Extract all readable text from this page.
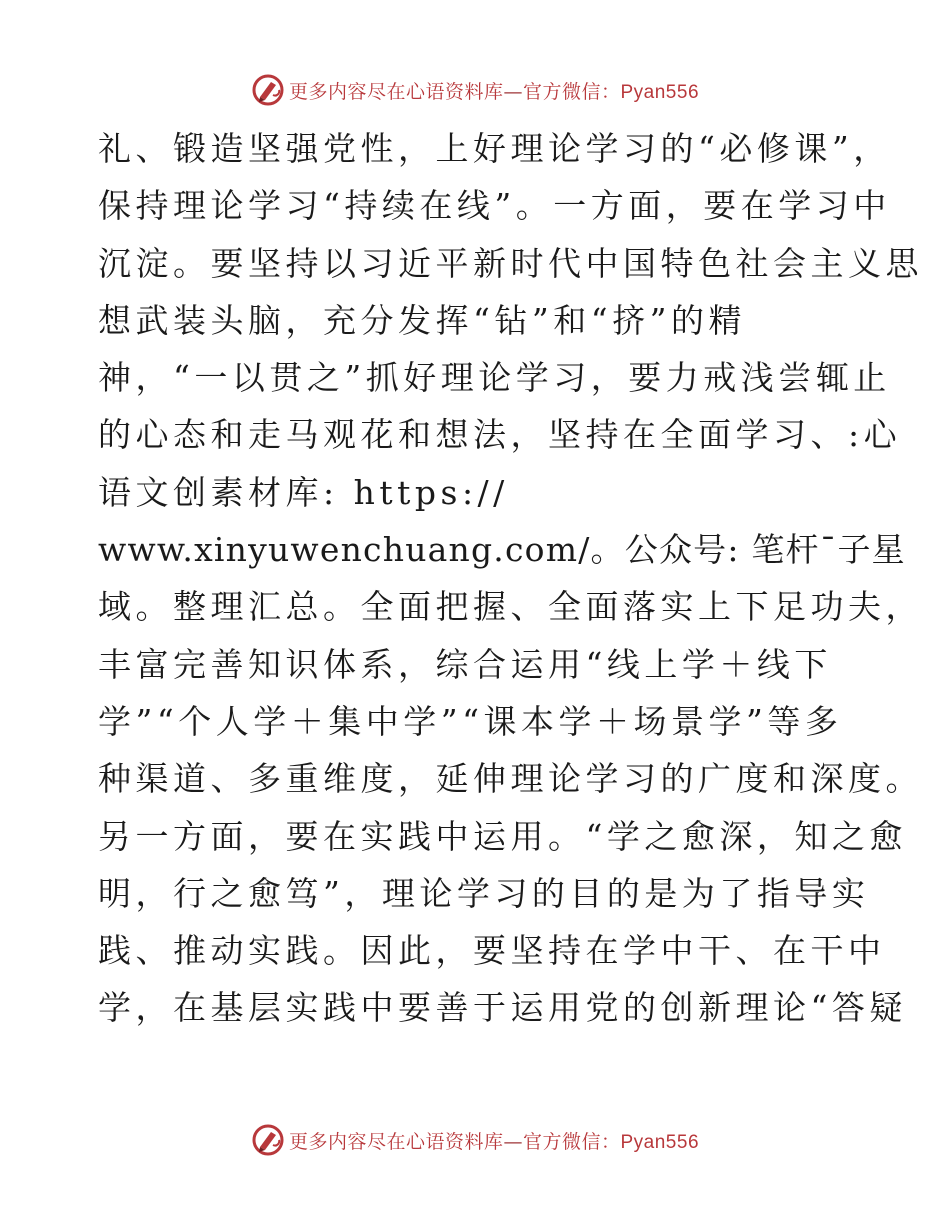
更多内容尽在心语资料库—官方微信：Pyan556
礼、锻造坚强党性，上好理论学习的“必修课”，
保持理论学习“持续在线”。一方面，要在学习中
沉淀。要坚持以习近平新时代中国特色社会主义思
想武装头脑，充分发挥“钻”和“挤”的精
神，“一以贯之”抓好理论学习，要力戒浅尝辄止
的心态和走马观花和想法，坚持在全面学习、:心
语文创素材库: https://
www.xinyuwenchuang.com/。公众号: 笔杆¯子星
域。整理汇总。全面把握、全面落实上下足功夫，
丰富完善知识体系，综合运用“线上学＋线下
学”“个人学＋集中学”“课本学＋场景学”等多
种渠道、多重维度，延伸理论学习的广度和深度。
另一方面，要在实践中运用。“学之愈深，知之愈
明，行之愈笃”，理论学习的目的是为了指导实
践、推动实践。因此，要坚持在学中干、在干中
学，在基层实践中要善于运用党的创新理论“答疑
更多内容尽在心语资料库—官方微信：Pyan556
